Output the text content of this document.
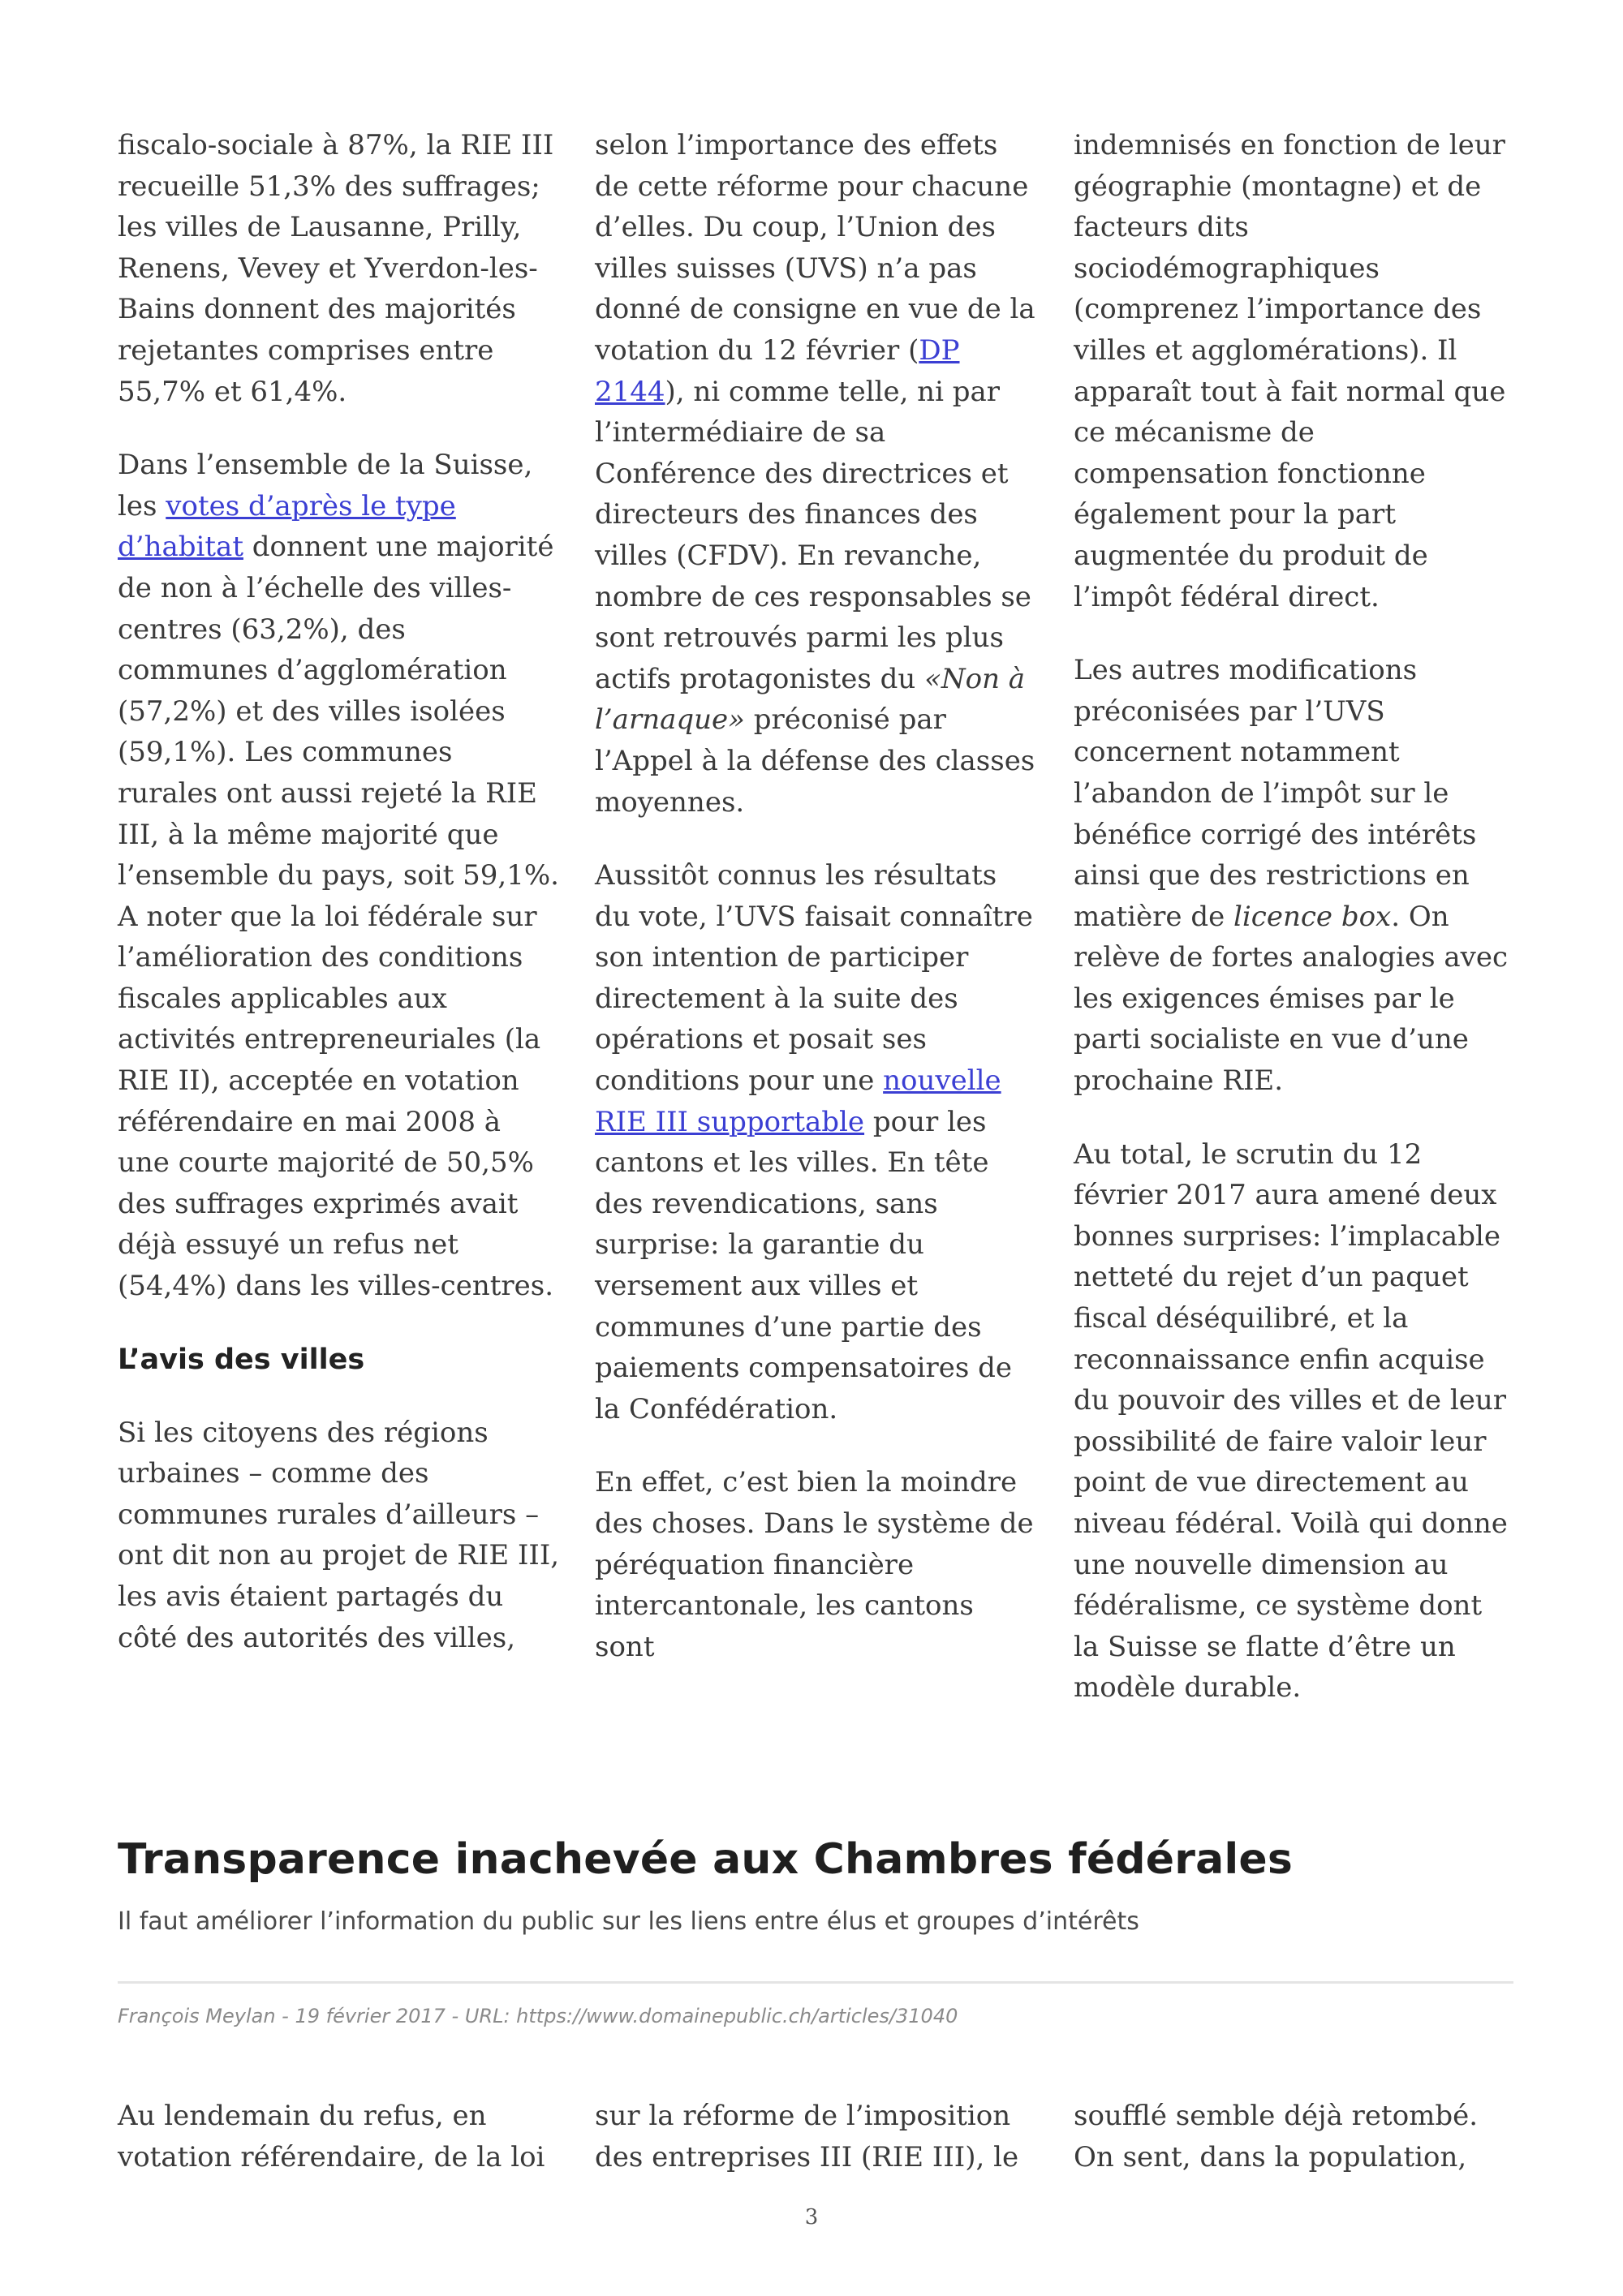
fiscalo-sociale à 87%, la RIE III recueille 51,3% des suffrages; les villes de Lausanne, Prilly, Renens, Vevey et Yverdon-les-Bains donnent des majorités rejetantes comprises entre 55,7% et 61,4%.

Dans l’ensemble de la Suisse, les votes d’après le type d’habitat donnent une majorité de non à l’échelle des villes-centres (63,2%), des communes d’agglomération (57,2%) et des villes isolées (59,1%). Les communes rurales ont aussi rejeté la RIE III, à la même majorité que l’ensemble du pays, soit 59,1%. A noter que la loi fédérale sur l’amélioration des conditions fiscales applicables aux activités entrepreneuriales (la RIE II), acceptée en votation référendaire en mai 2008 à une courte majorité de 50,5% des suffrages exprimés avait déjà essuyé un refus net (54,4%) dans les villes-centres.

L’avis des villes

Si les citoyens des régions urbaines – comme des communes rurales d’ailleurs – ont dit non au projet de RIE III, les avis étaient partagés du côté des autorités des villes,

selon l’importance des effets de cette réforme pour chacune d’elles. Du coup, l’Union des villes suisses (UVS) n’a pas donné de consigne en vue de la votation du 12 février (DP 2144), ni comme telle, ni par l’intermédiaire de sa Conférence des directrices et directeurs des finances des villes (CFDV). En revanche, nombre de ces responsables se sont retrouvés parmi les plus actifs protagonistes du «Non à l’arnaque» préconisé par l’Appel à la défense des classes moyennes.

Aussitôt connus les résultats du vote, l’UVS faisait connaître son intention de participer directement à la suite des opérations et posait ses conditions pour une nouvelle RIE III supportable pour les cantons et les villes. En tête des revendications, sans surprise: la garantie du versement aux villes et communes d’une partie des paiements compensatoires de la Confédération.

En effet, c’est bien la moindre des choses. Dans le système de péréquation financière intercantonale, les cantons sont

indemnisés en fonction de leur géographie (montagne) et de facteurs dits sociodémographiques (comprenez l’importance des villes et agglomérations). Il apparaît tout à fait normal que ce mécanisme de compensation fonctionne également pour la part augmentée du produit de l’impôt fédéral direct.

Les autres modifications préconisées par l’UVS concernent notamment l’abandon de l’impôt sur le bénéfice corrigé des intérêts ainsi que des restrictions en matière de licence box. On relève de fortes analogies avec les exigences émises par le parti socialiste en vue d’une prochaine RIE.

Au total, le scrutin du 12 février 2017 aura amené deux bonnes surprises: l’implacable netteté du rejet d’un paquet fiscal déséquilibré, et la reconnaissance enfin acquise du pouvoir des villes et de leur possibilité de faire valoir leur point de vue directement au niveau fédéral. Voilà qui donne une nouvelle dimension au fédéralisme, ce système dont la Suisse se flatte d’être un modèle durable.

Transparence inachevée aux Chambres fédérales

Il faut améliorer l’information du public sur les liens entre élus et groupes d’intérêts

François Meylan - 19 février 2017 - URL: https://www.domainepublic.ch/articles/31040

Au lendemain du refus, en votation référendaire, de la loi

sur la réforme de l’imposition des entreprises III (RIE III), le

soufflé semble déjà retombé. On sent, dans la population,

3
